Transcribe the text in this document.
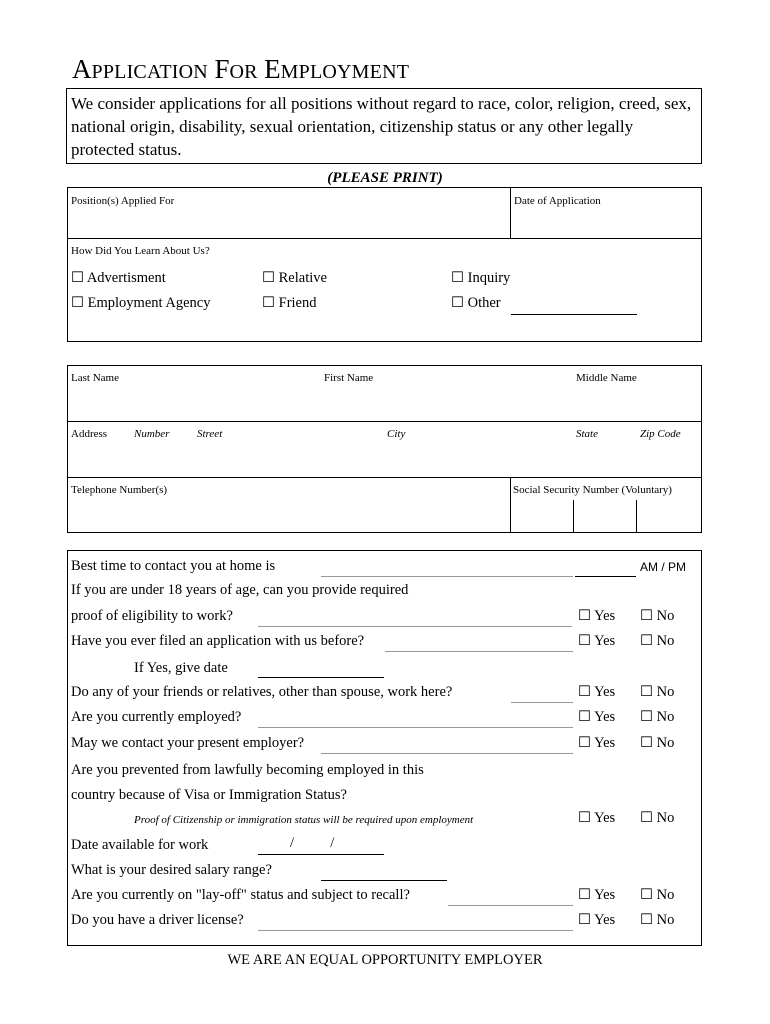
APPLICATION FOR EMPLOYMENT
We consider applications for all positions without regard to race, color, religion, creed, sex, national origin, disability, sexual orientation, citizenship status or any other legally protected status.
(PLEASE PRINT)
Position(s) Applied For	Date of Application
How Did You Learn About Us?
☐ Advertisment	☐ Relative	☐ Inquiry
☐ Employment Agency	☐ Friend	☐ Other
Last Name	First Name	Middle Name
Address Number	Street	City	State	Zip Code
Telephone Number(s)	Social Security Number (Voluntary)
Best time to contact you at home is	AM / PM
If you are under 18 years of age, can you provide required
proof of eligibility to work?	☐ Yes ☐ No
Have you ever filed an application with us before?	☐ Yes ☐ No
If Yes, give date
Do any of your friends or relatives, other than spouse, work here?	☐ Yes ☐ No
Are you currently employed?	☐ Yes ☐ No
May we contact your present employer?	☐ Yes ☐ No
Are you prevented from lawfully becoming employed in this
country because of Visa or Immigration Status?
Proof of Citizenship or immigration status will be required upon employment	☐ Yes ☐ No
Date available for work	/          /
What is your desired salary range?
Are you currently on "lay-off" status and subject to recall?	☐ Yes ☐ No
Do you have a driver license?	☐ Yes ☐ No
WE ARE AN EQUAL OPPORTUNITY EMPLOYER
